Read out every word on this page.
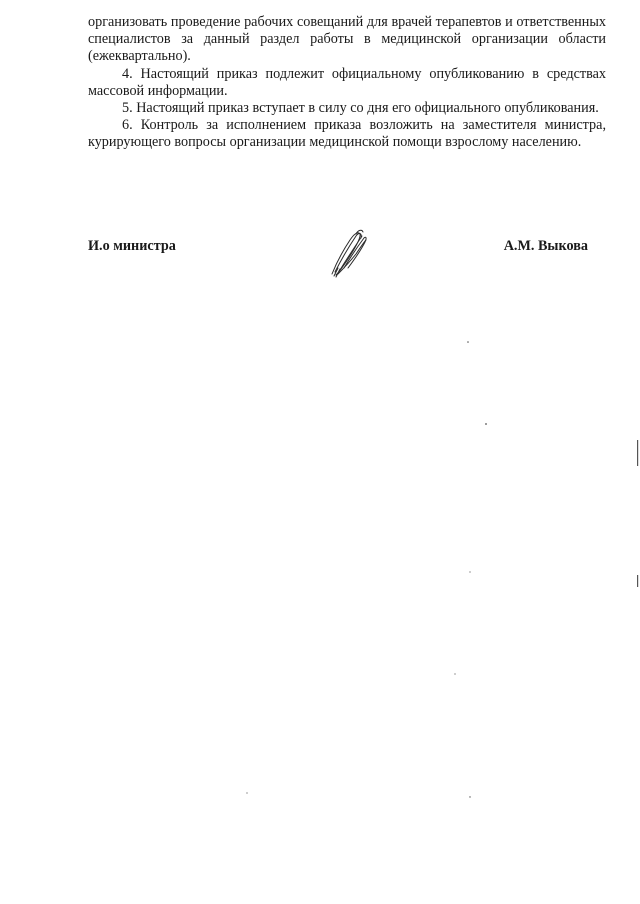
организовать проведение рабочих совещаний для врачей терапевтов и ответственных специалистов за данный раздел работы в медицинской организации области (ежеквартально).

4. Настоящий приказ подлежит официальному опубликованию в средствах массовой информации.

5. Настоящий приказ вступает в силу со дня его официального опубликования.

6. Контроль за исполнением приказа возложить на заместителя министра, курирующего вопросы организации медицинской помощи взрослому населению.

И.о министра	А.М. Выкова
